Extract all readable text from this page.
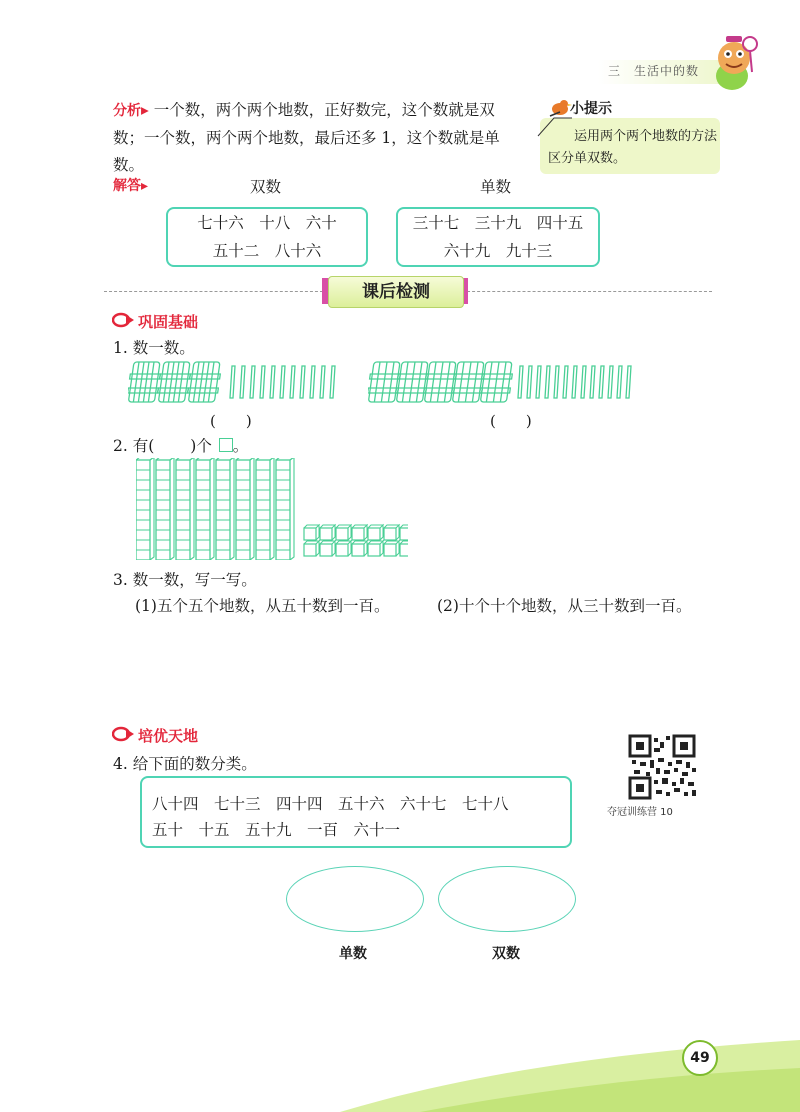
三　生活中的数
分析▸ 一个数，两个两个地数，正好数完，这个数就是双数；一个数，两个两个地数，最后还多 1，这个数就是单数。
小提示
运用两个两个地数的方法区分单双数。
解答▸	双数	单数
七十六　十八　六十
五十二　八十六
三十七　三十九　四十五
六十九　九十三
课后检测
巩固基础
1. 数一数。
(　　)	(　　)
2. 有( )个 。
3. 数一数，写一写。
(1)五个五个地数，从五十数到一百。	(2)十个十个地数，从三十数到一百。
培优天地
4. 给下面的数分类。
八十四　七十三　四十四　五十六　六十七　七十八
五十　十五　五十九　一百　六十一
夺冠训练营 10
单数	双数
49
